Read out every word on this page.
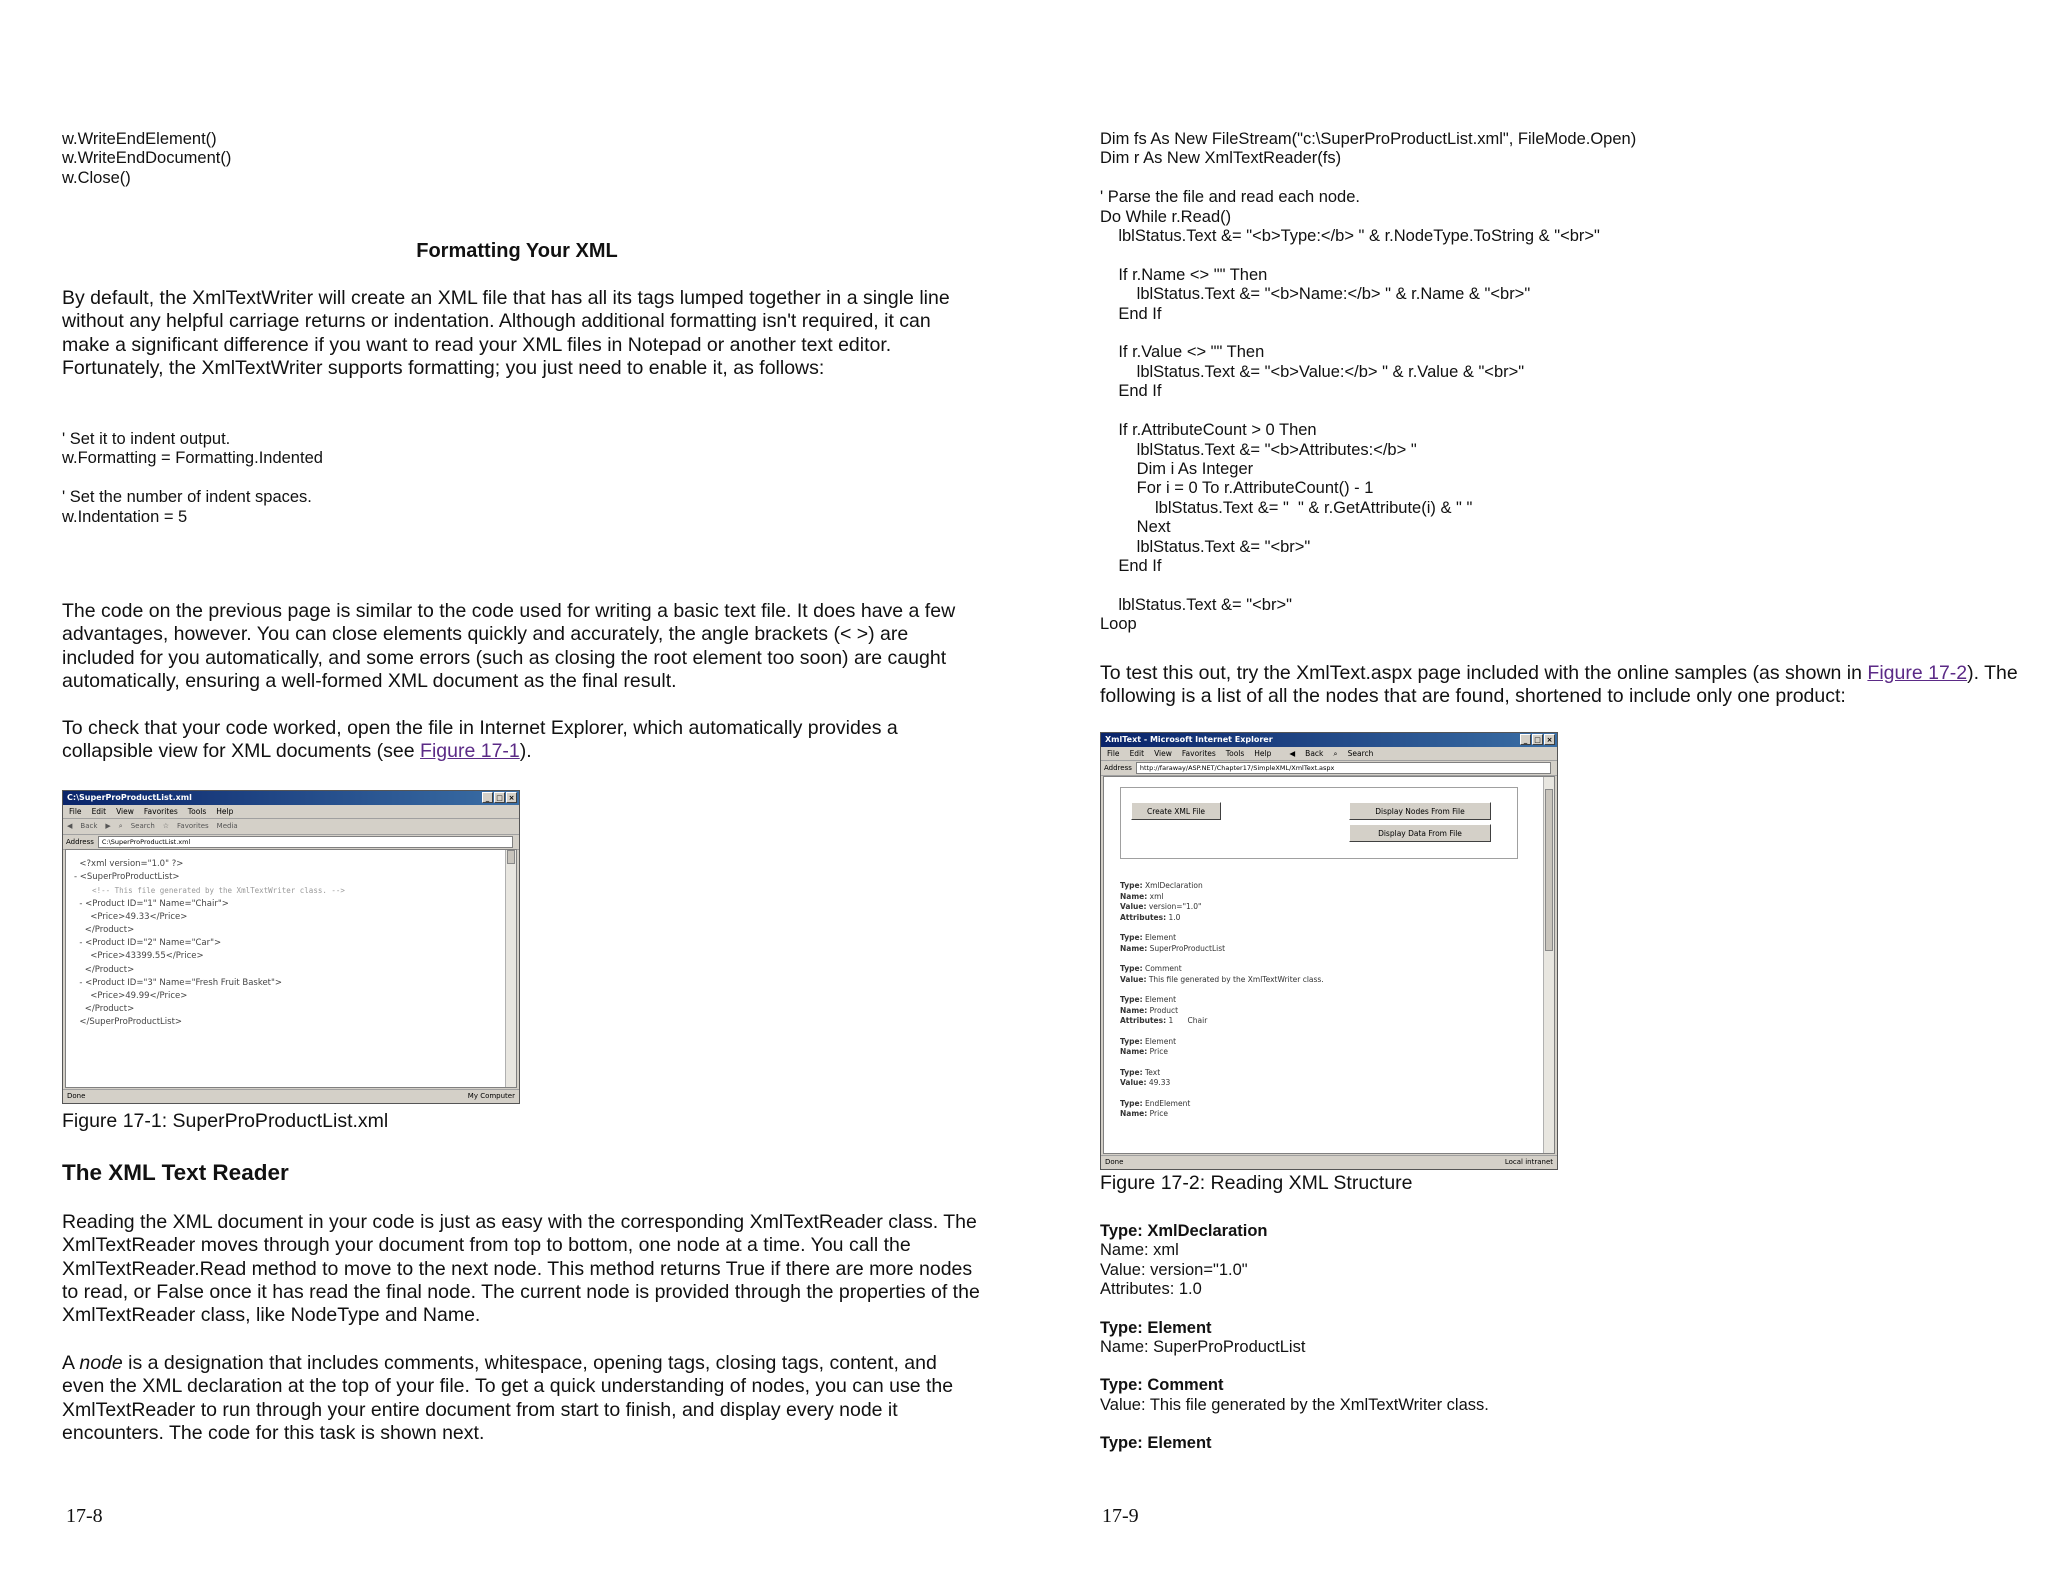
w.WriteEndElement()
w.WriteEndDocument()
w.Close()

Formatting Your XML

By default, the XmlTextWriter will create an XML file that has all its tags lumped together in a single line without any helpful carriage returns or indentation. Although additional formatting isn't required, it can make a significant difference if you want to read your XML files in Notepad or another text editor. Fortunately, the XmlTextWriter supports formatting; you just need to enable it, as follows:

' Set it to indent output.
w.Formatting = Formatting.Indented

' Set the number of indent spaces.
w.Indentation = 5

The code on the previous page is similar to the code used for writing a basic text file. It does have a few advantages, however. You can close elements quickly and accurately, the angle brackets (< >) are included for you automatically, and some errors (such as closing the root element too soon) are caught automatically, ensuring a well-formed XML document as the final result.

To check that your code worked, open the file in Internet Explorer, which automatically provides a collapsible view for XML documents (see Figure 17-1).

C:\SuperProProductList.xml	_ □ ×
File Edit View Favorites Tools Help
◀ Back ▶ ⌕ Search ☆ Favorites Media
Address	C:\SuperProProductList.xml
<?xml version="1.0" ?>
- <SuperProProductList>
<!-- This file generated by the XmlTextWriter class. -->
- <Product ID="1" Name="Chair">
<Price>49.33</Price>
</Product>
- <Product ID="2" Name="Car">
<Price>43399.55</Price>
</Product>
- <Product ID="3" Name="Fresh Fruit Basket">
<Price>49.99</Price>
</Product>
</SuperProProductList>
Done	My Computer

Figure 17-1: SuperProProductList.xml

The XML Text Reader

Reading the XML document in your code is just as easy with the corresponding XmlTextReader class. The XmlTextReader moves through your document from top to bottom, one node at a time. You call the XmlTextReader.Read method to move to the next node. This method returns True if there are more nodes to read, or False once it has read the final node. The current node is provided through the properties of the XmlTextReader class, like NodeType and Name.

A node is a designation that includes comments, whitespace, opening tags, closing tags, content, and even the XML declaration at the top of your file. To get a quick understanding of nodes, you can use the XmlTextReader to run through your entire document from start to finish, and display every node it encounters. The code for this task is shown next.

17-8

Dim fs As New FileStream("c:\SuperProProductList.xml", FileMode.Open)
Dim r As New XmlTextReader(fs)

' Parse the file and read each node.
Do While r.Read()
lblStatus.Text &= "<b>Type:</b> " & r.NodeType.ToString & "<br>"

If r.Name <> "" Then
lblStatus.Text &= "<b>Name:</b> " & r.Name & "<br>"
End If

If r.Value <> "" Then
lblStatus.Text &= "<b>Value:</b> " & r.Value & "<br>"
End If

If r.AttributeCount > 0 Then
lblStatus.Text &= "<b>Attributes:</b> "
Dim i As Integer
For i = 0 To r.AttributeCount() - 1
lblStatus.Text &= "  " & r.GetAttribute(i) & " "
Next
lblStatus.Text &= "<br>"
End If

lblStatus.Text &= "<br>"
Loop

To test this out, try the XmlText.aspx page included with the online samples (as shown in Figure 17-2). The following is a list of all the nodes that are found, shortened to include only one product:

XmlText - Microsoft Internet Explorer	_ □ ×
File Edit View Favorites Tools Help ◀ Back ⌕ Search
Address	http://faraway/ASP.NET/Chapter17/SimpleXML/XmlText.aspx
Create XML File	Display Nodes From File
Display Data From File
Type: XmlDeclaration
Name: xml
Value: version="1.0"
Attributes: 1.0
Type: Element
Name: SuperProProductList
Type: Comment
Value: This file generated by the XmlTextWriter class.
Type: Element
Name: Product
Attributes: 1      Chair
Type: Element
Name: Price
Type: Text
Value: 49.33
Type: EndElement
Name: Price
Done	Local intranet

Figure 17-2: Reading XML Structure

Type: XmlDeclaration
Name: xml
Value: version="1.0"
Attributes: 1.0
Type: Element
Name: SuperProProductList
Type: Comment
Value: This file generated by the XmlTextWriter class.
Type: Element

17-9
